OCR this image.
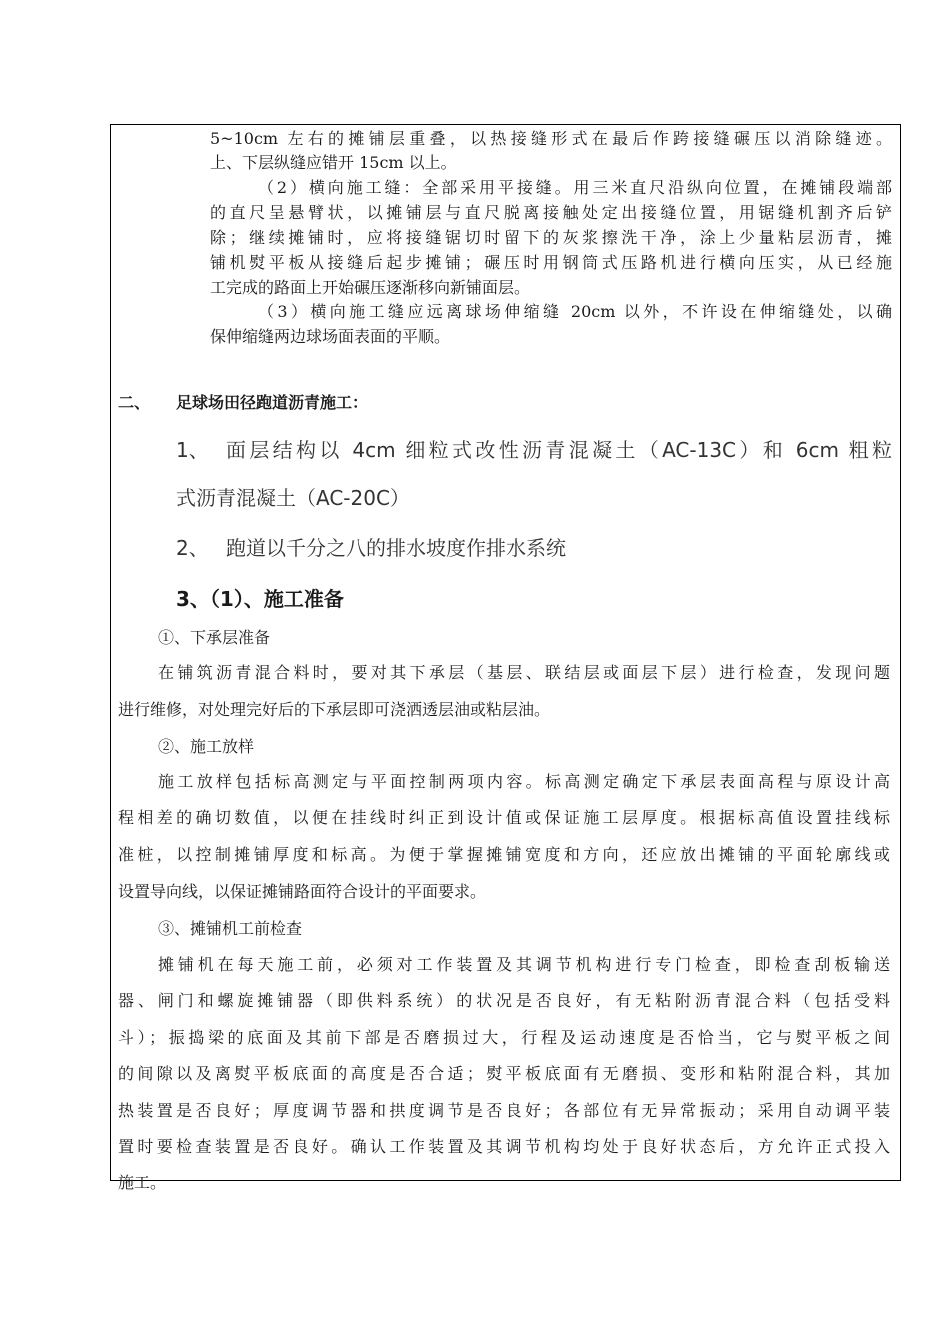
5~10cm 左右的摊铺层重叠，以热接缝形式在最后作跨接缝碾压以消除缝迹。
上、下层纵缝应错开 15cm 以上。
（2）横向施工缝：全部采用平接缝。用三米直尺沿纵向位置，在摊铺段端部
的直尺呈悬臂状，以摊铺层与直尺脱离接触处定出接缝位置，用锯缝机割齐后铲
除；继续摊铺时，应将接缝锯切时留下的灰浆擦洗干净，涂上少量粘层沥青，摊
铺机熨平板从接缝后起步摊铺；碾压时用钢筒式压路机进行横向压实，从已经施
工完成的路面上开始碾压逐渐移向新铺面层。
（3）横向施工缝应远离球场伸缩缝 20cm 以外，不许设在伸缩缝处，以确
保伸缩缝两边球场面表面的平顺。
二、 足球场田径跑道沥青施工：
1、 面层结构以 4cm 细粒式改性沥青混凝土（AC-13C）和 6cm 粗粒
式沥青混凝土（AC-20C）
2、 跑道以千分之八的排水坡度作排水系统
3、（1）、施工准备
①、下承层准备
在铺筑沥青混合料时，要对其下承层（基层、联结层或面层下层）进行检查，发现问题
进行维修，对处理完好后的下承层即可浇洒透层油或粘层油。
②、施工放样
施工放样包括标高测定与平面控制两项内容。标高测定确定下承层表面高程与原设计高
程相差的确切数值，以便在挂线时纠正到设计值或保证施工层厚度。根据标高值设置挂线标
准桩，以控制摊铺厚度和标高。为便于掌握摊铺宽度和方向，还应放出摊铺的平面轮廓线或
设置导向线，以保证摊铺路面符合设计的平面要求。
③、摊铺机工前检查
摊铺机在每天施工前，必须对工作装置及其调节机构进行专门检查，即检查刮板输送
器、闸门和螺旋摊铺器（即供料系统）的状况是否良好，有无粘附沥青混合料（包括受料
斗）；振捣梁的底面及其前下部是否磨损过大，行程及运动速度是否恰当，它与熨平板之间
的间隙以及离熨平板底面的高度是否合适；熨平板底面有无磨损、变形和粘附混合料，其加
热装置是否良好；厚度调节器和拱度调节是否良好；各部位有无异常振动；采用自动调平装
置时要检查装置是否良好。确认工作装置及其调节机构均处于良好状态后，方允许正式投入
施工。
